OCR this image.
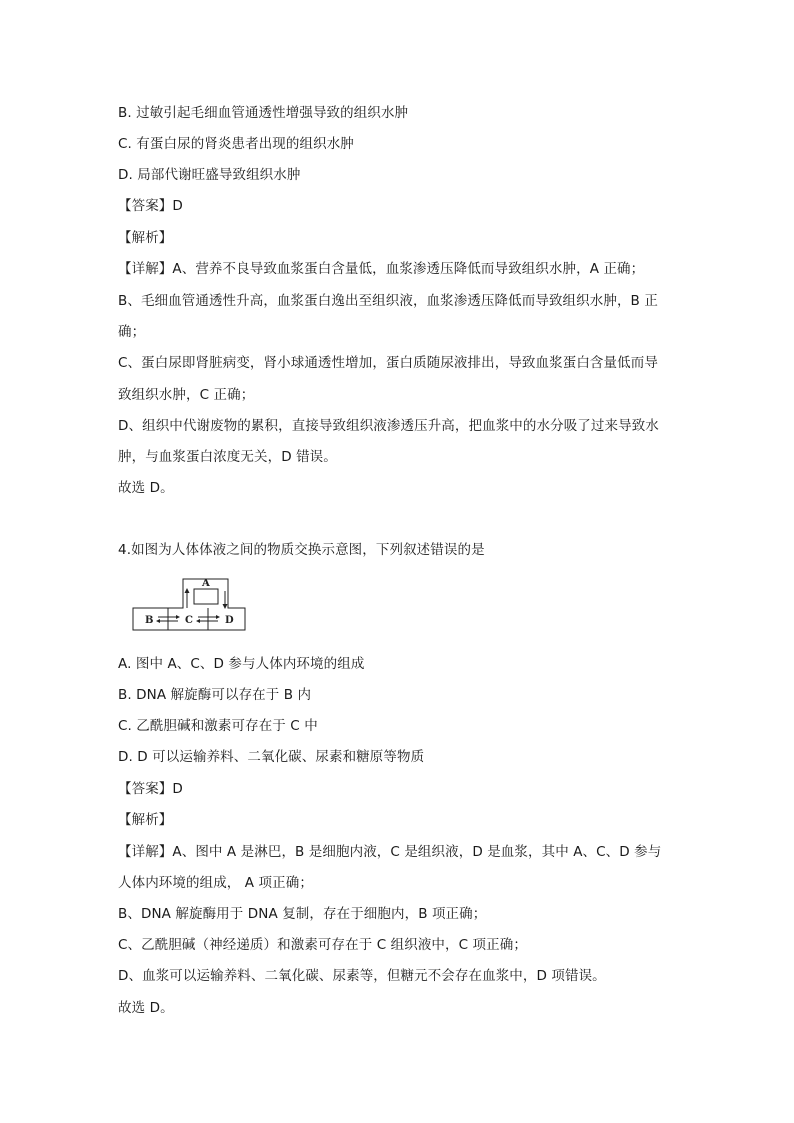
B. 过敏引起毛细血管通透性增强导致的组织水肿
C. 有蛋白尿的肾炎患者出现的组织水肿
D. 局部代谢旺盛导致组织水肿
【答案】D
【解析】
【详解】A、营养不良导致血浆蛋白含量低，血浆渗透压降低而导致组织水肿，A 正确；
B、毛细血管通透性升高，血浆蛋白逸出至组织液，血浆渗透压降低而导致组织水肿，B 正
确；
C、蛋白尿即肾脏病变，肾小球通透性增加，蛋白质随尿液排出，导致血浆蛋白含量低而导
致组织水肿，C 正确；
D、组织中代谢废物的累积，直接导致组织液渗透压升高，把血浆中的水分吸了过来导致水
肿，与血浆蛋白浓度无关，D 错误。
故选 D。
4.如图为人体体液之间的物质交换示意图，下列叙述错误的是
A
B	C	D
A. 图中 A、C、D 参与人体内环境的组成
B. DNA 解旋酶可以存在于 B 内
C. 乙酰胆碱和激素可存在于 C 中
D. D 可以运输养料、二氧化碳、尿素和糖原等物质
【答案】D
【解析】
【详解】A、图中 A 是淋巴，B 是细胞内液，C 是组织液，D 是血浆，其中 A、C、D 参与
人体内环境的组成， A 项正确；
B、DNA 解旋酶用于 DNA 复制，存在于细胞内，B 项正确；
C、乙酰胆碱（神经递质）和激素可存在于 C 组织液中，C 项正确；
D、血浆可以运输养料、二氧化碳、尿素等，但糖元不会存在血浆中，D 项错误。
故选 D。
